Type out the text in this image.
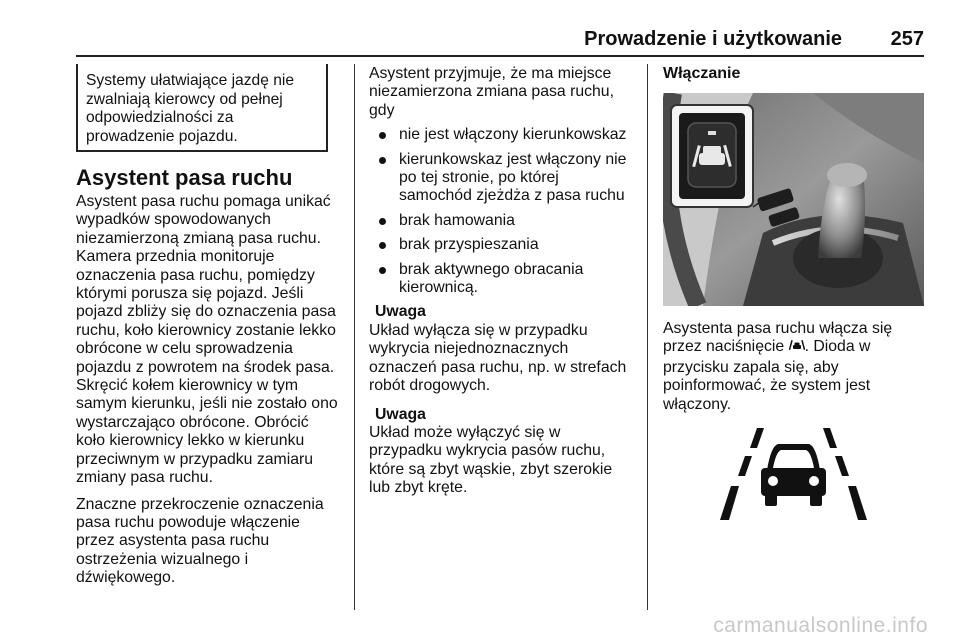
Prowadzenie i użytkowanie	257
Systemy ułatwiające jazdę nie
zwalniają kierowcy od pełnej
odpowiedzialności za
prowadzenie pojazdu.
Asystent pasa ruchu

Asystent pasa ruchu pomaga unikać
wypadków spowodowanych
niezamierzoną zmianą pasa ruchu.
Kamera przednia monitoruje
oznaczenia pasa ruchu, pomiędzy
którymi porusza się pojazd. Jeśli
pojazd zbliży się do oznaczenia pasa
ruchu, koło kierownicy zostanie lekko
obrócone w celu sprowadzenia
pojazdu z powrotem na środek pasa.
Skręcić kołem kierownicy w tym
samym kierunku, jeśli nie zostało ono
wystarczająco obrócone. Obrócić
koło kierownicy lekko w kierunku
przeciwnym w przypadku zamiaru
zmiany pasa ruchu.

Znaczne przekroczenie oznaczenia
pasa ruchu powoduje włączenie
przez asystenta pasa ruchu
ostrzeżenia wizualnego i
dźwiękowego.

Asystent przyjmuje, że ma miejsce
niezamierzona zmiana pasa ruchu,
gdy

nie jest włączony kierunkowskaz
kierunkowskaz jest włączony nie
po tej stronie, po której
samochód zjeżdża z pasa ruchu
brak hamowania
brak przyspieszania
brak aktywnego obracania
kierownicą.
Uwaga
Układ wyłącza się w przypadku
wykrycia niejednoznacznych
oznaczeń pasa ruchu, np. w strefach
robót drogowych.
Uwaga
Układ może wyłączyć się w
przypadku wykrycia pasów ruchu,
które są zbyt wąskie, zbyt szerokie
lub zbyt kręte.
Włączanie

Asystenta pasa ruchu włącza się
przez naciśnięcie . Dioda w
przycisku zapala się, aby
poinformować, że system jest
włączony.

carmanualsonline.info
